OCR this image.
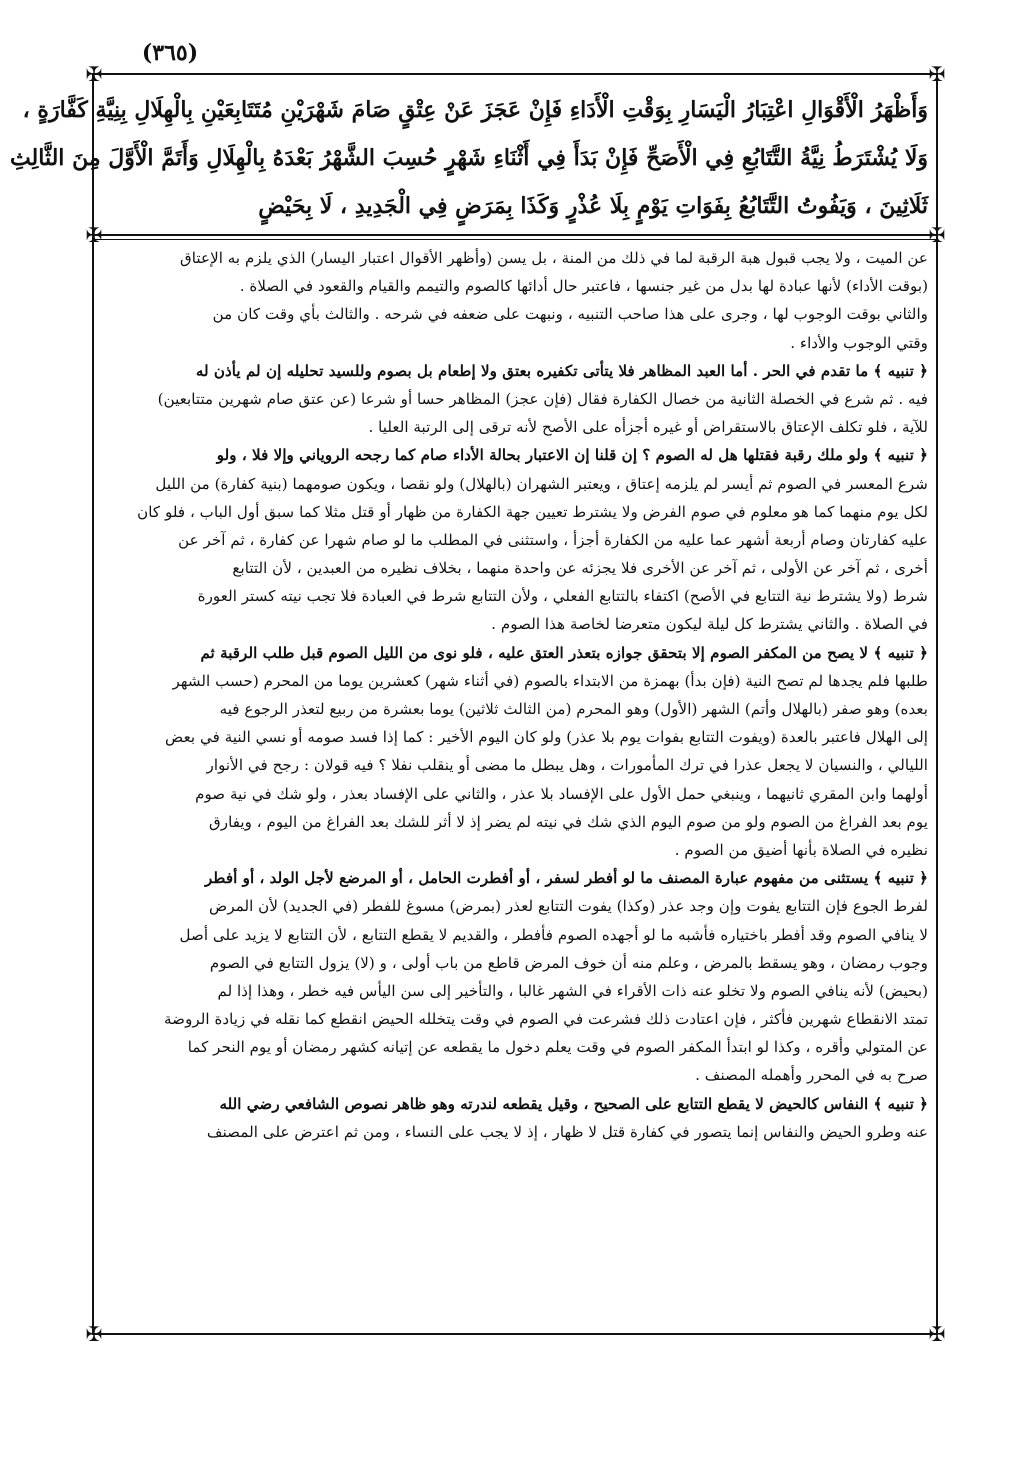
(٣٦٥)
✠	✠
✠	✠
✠	✠
وَأَظْهَرُ الْأَقْوَالِ اعْتِبَارُ الْيَسَارِ بِوَقْتِ الْأَدَاءِ فَإِنْ عَجَزَ عَنْ عِتْقٍ صَامَ شَهْرَيْنِ مُتَتَابِعَيْنِ بِالْهِلَالِ بِنِيَّةِ كَفَّارَةٍ ،
وَلَا يُشْتَرَطُ نِيَّةُ التَّتَابُعِ فِي الْأَصَحِّ فَإِنْ بَدَأَ فِي أَثْنَاءِ شَهْرٍ حُسِبَ الشَّهْرُ بَعْدَهُ بِالْهِلَالِ وَأَتَمَّ الْأَوَّلَ مِنَ الثَّالِثِ
ثَلَاثِينَ ، وَيَفُوتُ التَّتَابُعُ بِفَوَاتِ يَوْمٍ بِلَا عُذْرٍ وَكَذَا بِمَرَضٍ فِي الْجَدِيدِ ، لَا بِحَيْضٍ
عن الميت ، ولا يجب قبول هبة الرقبة لما في ذلك من المنة ، بل يسن (وأظهر الأقوال اعتبار اليسار) الذي يلزم به الإعتاق
(بوقت الأداء) لأنها عبادة لها بدل من غير جنسها ، فاعتبر حال أدائها كالصوم والتيمم والقيام والقعود في الصلاة .
والثاني بوقت الوجوب لها ، وجرى على هذا صاحب التنبيه ، ونبهت على ضعفه في شرحه . والثالث بأي وقت كان من
وقتي الوجوب والأداء .
﴿ تنبيه ﴾ ما تقدم في الحر . أما العبد المظاهر فلا يتأتى تكفيره بعتق ولا إطعام بل بصوم وللسيد تحليله إن لم يأذن له
فيه . ثم شرع في الخصلة الثانية من خصال الكفارة فقال (فإن عجز) المظاهر حسا أو شرعا (عن عتق صام شهرين متتابعين)
للآية ، فلو تكلف الإعتاق بالاستقراض أو غيره أجزأه على الأصح لأنه ترقى إلى الرتبة العليا .
﴿ تنبيه ﴾ ولو ملك رقبة فقتلها هل له الصوم ؟ إن قلنا إن الاعتبار بحالة الأداء صام كما رجحه الروياني وإلا فلا ، ولو
شرع المعسر في الصوم ثم أيسر لم يلزمه إعتاق ، ويعتبر الشهران (بالهلال) ولو نقصا ، ويكون صومهما (بنية كفارة) من الليل
لكل يوم منهما كما هو معلوم في صوم الفرض ولا يشترط تعيين جهة الكفارة من ظهار أو قتل مثلا كما سبق أول الباب ، فلو كان
عليه كفارتان وصام أربعة أشهر عما عليه من الكفارة أجزأ ، واستثنى في المطلب ما لو صام شهرا عن كفارة ، ثم آخر عن
أخرى ، ثم آخر عن الأولى ، ثم آخر عن الأخرى فلا يجزئه عن واحدة منهما ، بخلاف نظيره من العبدين ، لأن التتابع
شرط (ولا يشترط نية التتابع في الأصح) اكتفاء بالتتابع الفعلي ، ولأن التتابع شرط في العبادة فلا تجب نيته كستر العورة
في الصلاة . والثاني يشترط كل ليلة ليكون متعرضا لخاصة هذا الصوم .
﴿ تنبيه ﴾ لا يصح من المكفر الصوم إلا بتحقق جوازه بتعذر العتق عليه ، فلو نوى من الليل الصوم قبل طلب الرقبة ثم
طلبها فلم يجدها لم تصح النية (فإن بدأ) بهمزة من الابتداء بالصوم (في أثناء شهر) كعشرين يوما من المحرم (حسب الشهر
بعده) وهو صفر (بالهلال وأتم) الشهر (الأول) وهو المحرم (من الثالث ثلاثين) يوما بعشرة من ربيع لتعذر الرجوع فيه
إلى الهلال فاعتبر بالعدة (ويفوت التتابع بفوات يوم بلا عذر) ولو كان اليوم الأخير : كما إذا فسد صومه أو نسي النية في بعض
الليالي ، والنسيان لا يجعل عذرا في ترك المأمورات ، وهل يبطل ما مضى أو ينقلب نفلا ؟ فيه قولان : رجح في الأنوار
أولهما وابن المقري ثانيهما ، وينبغي حمل الأول على الإفساد بلا عذر ، والثاني على الإفساد بعذر ، ولو شك في نية صوم
يوم بعد الفراغ من الصوم ولو من صوم اليوم الذي شك في نيته لم يضر إذ لا أثر للشك بعد الفراغ من اليوم ، ويفارق
نظيره في الصلاة بأنها أضيق من الصوم .
﴿ تنبيه ﴾ يستثنى من مفهوم عبارة المصنف ما لو أفطر لسفر ، أو أفطرت الحامل ، أو المرضع لأجل الولد ، أو أفطر
لفرط الجوع فإن التتابع يفوت وإن وجد عذر (وكذا) يفوت التتابع لعذر (بمرض) مسوغ للفطر (في الجديد) لأن المرض
لا ينافي الصوم وقد أفطر باختياره فأشبه ما لو أجهده الصوم فأفطر ، والقديم لا يقطع التتابع ، لأن التتابع لا يزيد على أصل
وجوب رمضان ، وهو يسقط بالمرض ، وعلم منه أن خوف المرض قاطع من باب أولى ، و (لا) يزول التتابع في الصوم
(بحيض) لأنه ينافي الصوم ولا تخلو عنه ذات الأقراء في الشهر غالبا ، والتأخير إلى سن اليأس فيه خطر ، وهذا إذا لم
تمتد الانقطاع شهرين فأكثر ، فإن اعتادت ذلك فشرعت في الصوم في وقت يتخلله الحيض انقطع كما نقله في زيادة الروضة
عن المتولي وأقره ، وكذا لو ابتدأ المكفر الصوم في وقت يعلم دخول ما يقطعه عن إتيانه كشهر رمضان أو يوم النحر كما
صرح به في المحرر وأهمله المصنف .
﴿ تنبيه ﴾ النفاس كالحيض لا يقطع التتابع على الصحيح ، وقيل يقطعه لندرته وهو ظاهر نصوص الشافعي رضي الله
عنه وطرو الحيض والنفاس إنما يتصور في كفارة قتل لا ظهار ، إذ لا يجب على النساء ، ومن ثم اعترض على المصنف
